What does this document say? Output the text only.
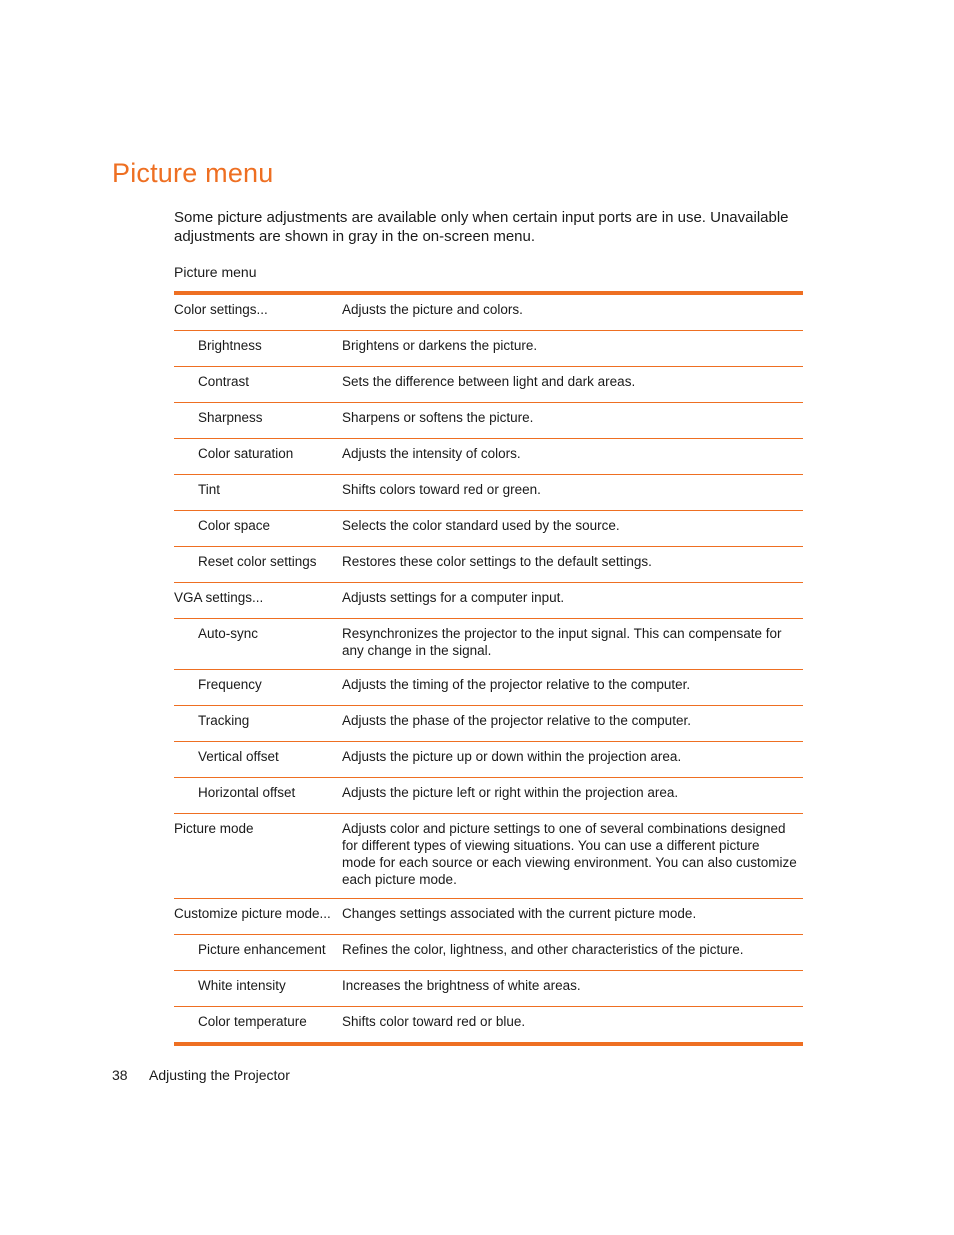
Picture menu

Some picture adjustments are available only when certain input ports are in use. Unavailable adjustments are shown in gray in the on-screen menu.

Picture menu

Color settings...	Adjusts the picture and colors.
Brightness	Brightens or darkens the picture.
Contrast	Sets the difference between light and dark areas.
Sharpness	Sharpens or softens the picture.
Color saturation	Adjusts the intensity of colors.
Tint	Shifts colors toward red or green.
Color space	Selects the color standard used by the source.
Reset color settings	Restores these color settings to the default settings.
VGA settings...	Adjusts settings for a computer input.
Auto-sync	Resynchronizes the projector to the input signal. This can compensate for any change in the signal.
Frequency	Adjusts the timing of the projector relative to the computer.
Tracking	Adjusts the phase of the projector relative to the computer.
Vertical offset	Adjusts the picture up or down within the projection area.
Horizontal offset	Adjusts the picture left or right within the projection area.
Picture mode	Adjusts color and picture settings to one of several combinations designed for different types of viewing situations. You can use a different picture mode for each source or each viewing environment. You can also customize each picture mode.
Customize picture mode... Changes settings associated with the current picture mode.
Picture enhancement	Refines the color, lightness, and other characteristics of the picture.
White intensity	Increases the brightness of white areas.
Color temperature	Shifts color toward red or blue.
38 Adjusting the Projector
